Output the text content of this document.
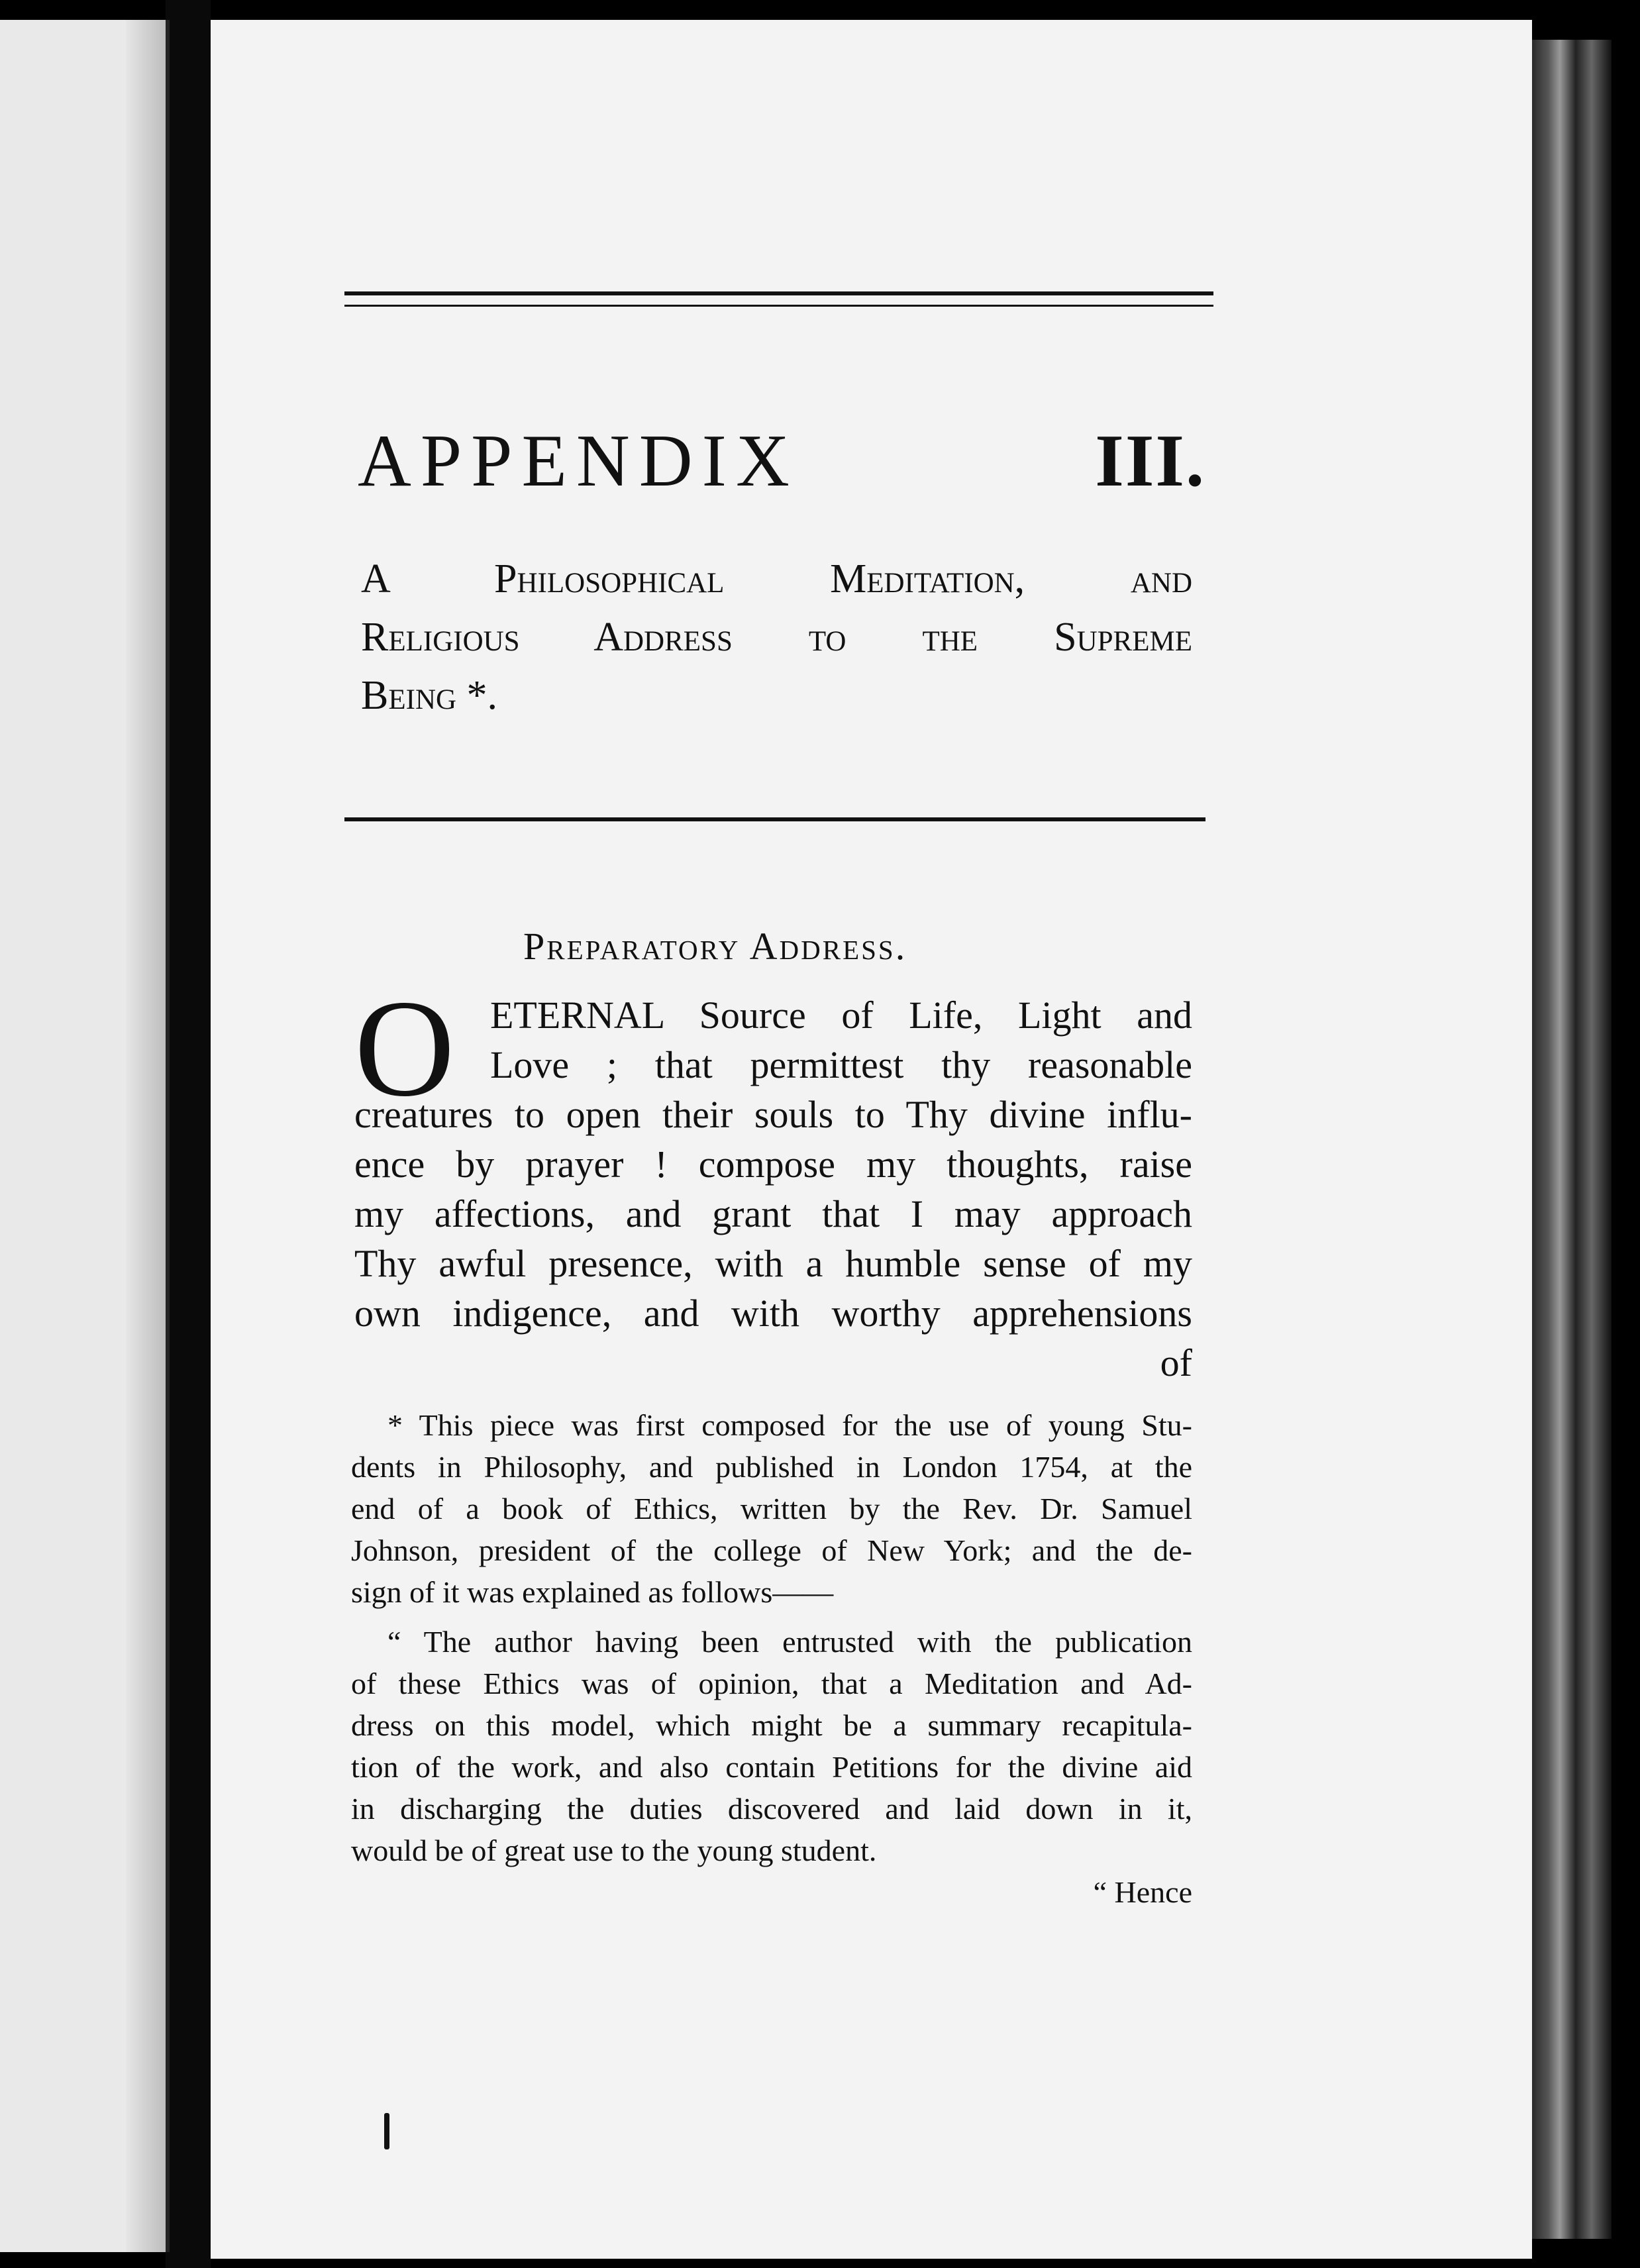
APPENDIX	III.
A Philosophical Meditation, and
Religious Address to the Supreme
Being *.
Preparatory Address.
O ETERNAL Source of Life, Light and
Love ; that permittest thy reasonable
creatures to open their souls to Thy divine influ-
ence by prayer ! compose my thoughts, raise
my affections, and grant that I may approach
Thy awful presence, with a humble sense of my
own indigence, and with worthy apprehensions
of
* This piece was first composed for the use of young Stu-
dents in Philosophy, and published in London 1754, at the
end of a book of Ethics, written by the Rev. Dr. Samuel
Johnson, president of the college of New York; and the de-
sign of it was explained as follows——
“ The author having been entrusted with the publication
of these Ethics was of opinion, that a Meditation and Ad-
dress on this model, which might be a summary recapitula-
tion of the work, and also contain Petitions for the divine aid
in discharging the duties discovered and laid down in it,
would be of great use to the young student.
“ Hence
